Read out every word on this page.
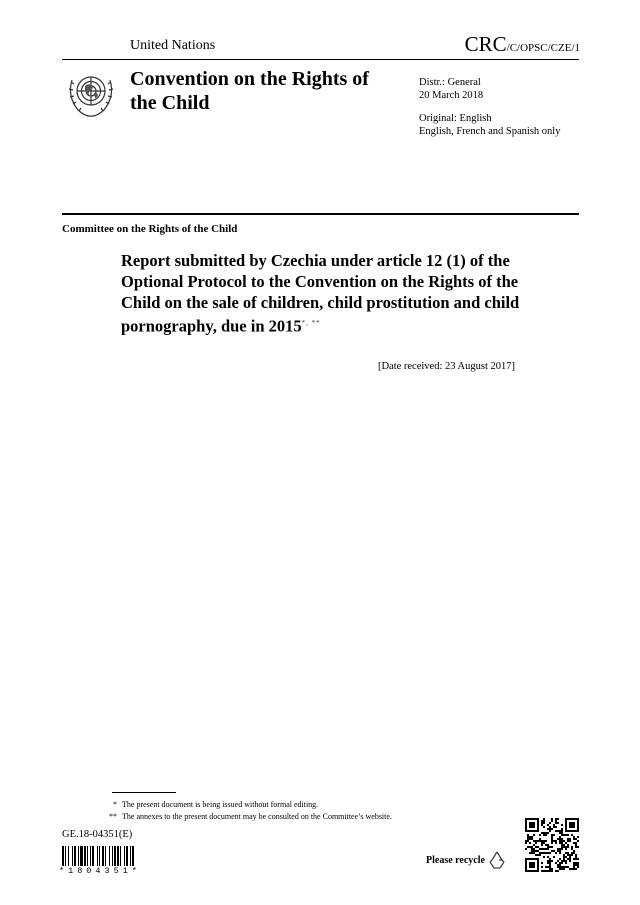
United Nations	CRC/C/OPSC/CZE/1
Convention on the Rights of the Child
Distr.: General
20 March 2018
Original: English
English, French and Spanish only
Committee on the Rights of the Child
Report submitted by Czechia under article 12 (1) of the Optional Protocol to the Convention on the Rights of the Child on the sale of children, child prostitution and child pornography, due in 2015*, **
[Date received: 23 August 2017]
* The present document is being issued without formal editing.
** The annexes to the present document may be consulted on the Committee’s website.
GE.18-04351(E)
*1804351*
Please recycle
